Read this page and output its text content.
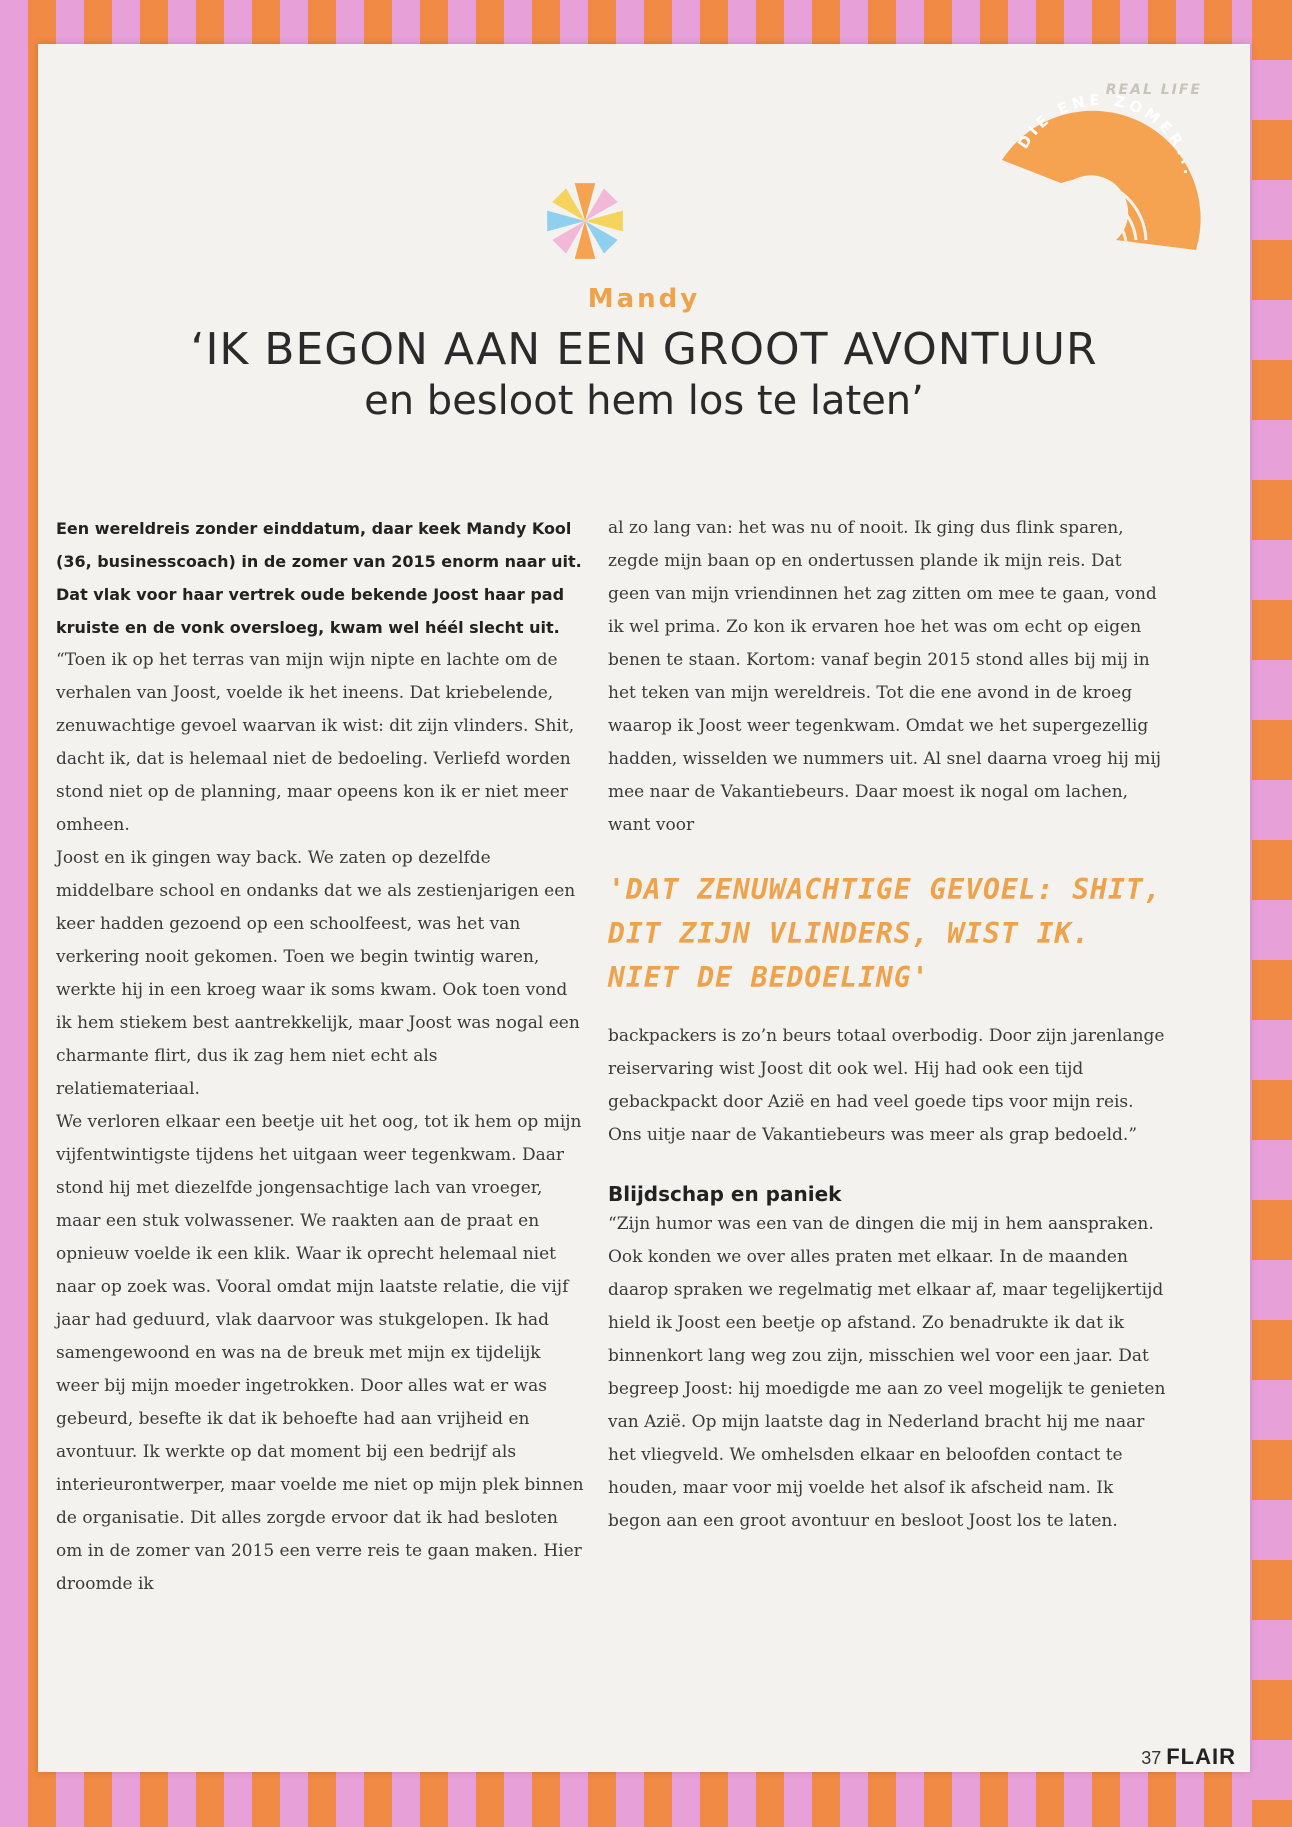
REAL LIFE
DIE ENE ZOMER...
Mandy
‘IK BEGON AAN EEN GROOT AVONTUUR
en besloot hem los te laten’

Een wereldreis zonder einddatum, daar keek Mandy Kool (36, businesscoach) in de zomer van 2015 enorm naar uit. Dat vlak voor haar vertrek oude bekende Joost haar pad kruiste en de vonk oversloeg, kwam wel héél slecht uit.

“Toen ik op het terras van mijn wijn nipte en lachte om de verhalen van Joost, voelde ik het ineens. Dat kriebelende, zenuwachtige gevoel waarvan ik wist: dit zijn vlinders. Shit, dacht ik, dat is helemaal niet de bedoeling. Verliefd worden stond niet op de planning, maar opeens kon ik er niet meer omheen.

Joost en ik gingen way back. We zaten op dezelfde middelbare school en ondanks dat we als zestienjarigen een keer hadden gezoend op een schoolfeest, was het van verkering nooit gekomen. Toen we begin twintig waren, werkte hij in een kroeg waar ik soms kwam. Ook toen vond ik hem stiekem best aantrekkelijk, maar Joost was nogal een charmante flirt, dus ik zag hem niet echt als relatiemateriaal.

We verloren elkaar een beetje uit het oog, tot ik hem op mijn vijfentwintigste tijdens het uitgaan weer tegenkwam. Daar stond hij met diezelfde jongensachtige lach van vroeger, maar een stuk volwassener. We raakten aan de praat en opnieuw voelde ik een klik. Waar ik oprecht helemaal niet naar op zoek was. Vooral omdat mijn laatste relatie, die vijf jaar had geduurd, vlak daarvoor was stukgelopen. Ik had samengewoond en was na de breuk met mijn ex tijdelijk weer bij mijn moeder ingetrokken. Door alles wat er was gebeurd, besefte ik dat ik behoefte had aan vrijheid en avontuur. Ik werkte op dat moment bij een bedrijf als interieurontwerper, maar voelde me niet op mijn plek binnen de organisatie. Dit alles zorgde ervoor dat ik had besloten om in de zomer van 2015 een verre reis te gaan maken. Hier droomde ik

al zo lang van: het was nu of nooit. Ik ging dus flink sparen, zegde mijn baan op en ondertussen plande ik mijn reis. Dat geen van mijn vriendinnen het zag zitten om mee te gaan, vond ik wel prima. Zo kon ik ervaren hoe het was om echt op eigen benen te staan. Kortom: vanaf begin 2015 stond alles bij mij in het teken van mijn wereldreis. Tot die ene avond in de kroeg waarop ik Joost weer tegenkwam. Omdat we het supergezellig hadden, wisselden we nummers uit. Al snel daarna vroeg hij mij mee naar de Vakantiebeurs. Daar moest ik nogal om lachen, want voor

'DAT ZENUWACHTIGE GEVOEL: SHIT, DIT ZIJN VLINDERS, WIST IK. NIET DE BEDOELING'

backpackers is zo’n beurs totaal overbodig. Door zijn jarenlange reiservaring wist Joost dit ook wel. Hij had ook een tijd gebackpackt door Azië en had veel goede tips voor mijn reis. Ons uitje naar de Vakantiebeurs was meer als grap bedoeld.”

Blijdschap en paniek

“Zijn humor was een van de dingen die mij in hem aanspraken. Ook konden we over alles praten met elkaar. In de maanden daarop spraken we regelmatig met elkaar af, maar tegelijkertijd hield ik Joost een beetje op afstand. Zo benadrukte ik dat ik binnenkort lang weg zou zijn, misschien wel voor een jaar. Dat begreep Joost: hij moedigde me aan zo veel mogelijk te genieten van Azië. Op mijn laatste dag in Nederland bracht hij me naar het vliegveld. We omhelsden elkaar en beloofden contact te houden, maar voor mij voelde het alsof ik afscheid nam. Ik begon aan een groot avontuur en besloot Joost los te laten.

37 FLAIR
